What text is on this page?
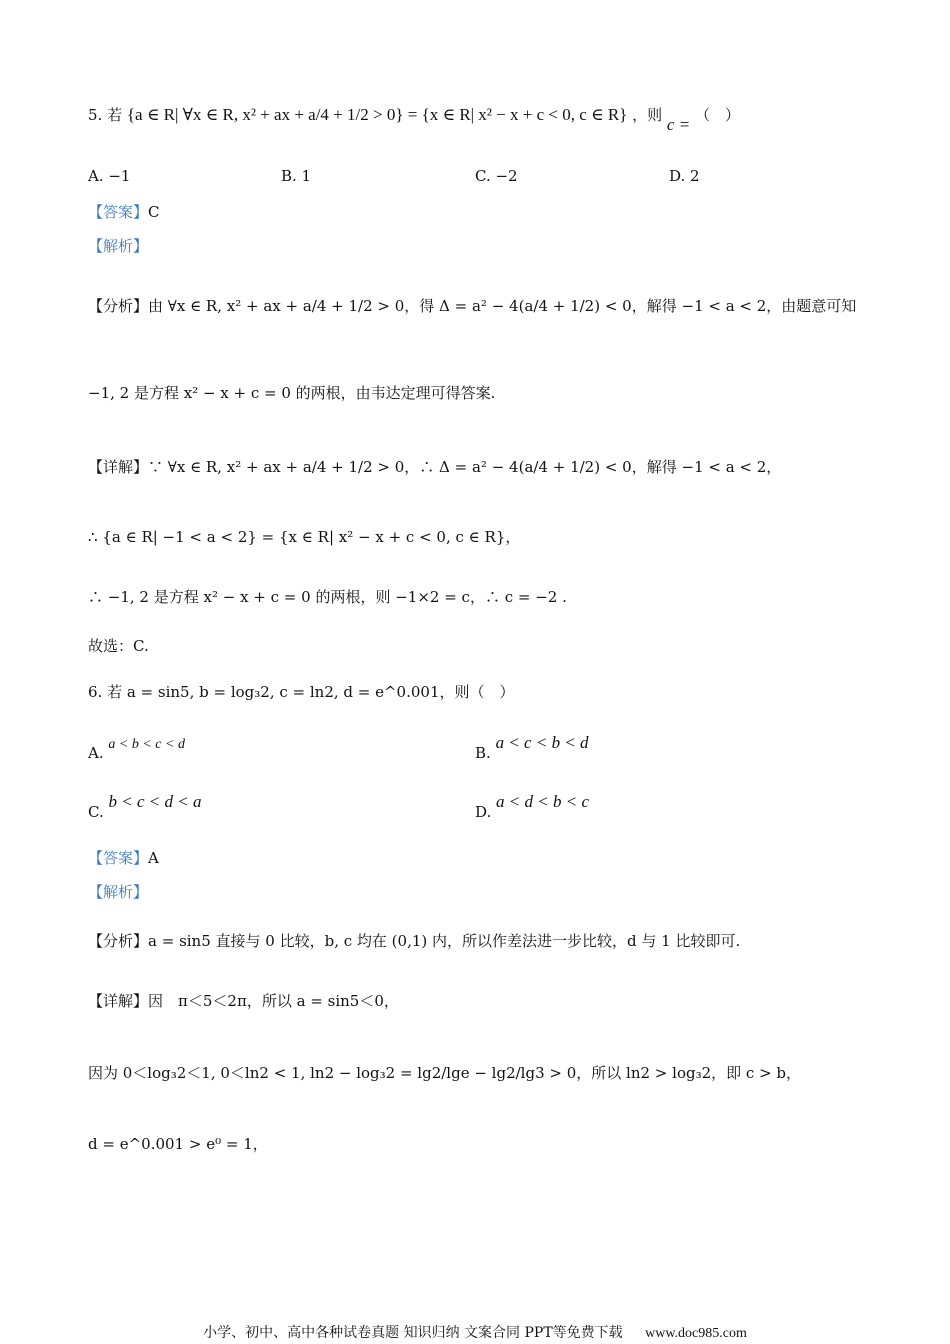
5. 若 {a ∈ R| ∀x ∈ R, x² + ax + a/4 + 1/2 > 0} = {x ∈ R| x² − x + c < 0, c ∈ R} ，则 c = （　）
A. −1	B. 1	C. −2	D. 2
【答案】C
【解析】
【分析】由 ∀x ∈ R, x² + ax + a/4 + 1/2 > 0，得 Δ = a² − 4(a/4 + 1/2) < 0，解得 −1 < a < 2，由题意可知
−1, 2 是方程 x² − x + c = 0 的两根，由韦达定理可得答案.
【详解】∵ ∀x ∈ R, x² + ax + a/4 + 1/2 > 0，∴ Δ = a² − 4(a/4 + 1/2) < 0，解得 −1 < a < 2，
∴ {a ∈ R| −1 < a < 2} = {x ∈ R| x² − x + c < 0, c ∈ R}，
∴ −1, 2 是方程 x² − x + c = 0 的两根，则 −1×2 = c，∴ c = −2 .
故选：C.
6. 若 a = sin5, b = log₃2, c = ln2, d = e^0.001，则（　）
A. a < b < c < d	B. a < c < b < d
C. b < c < d < a
D. a < d < b < c
【答案】A
【解析】
【分析】a = sin5 直接与 0 比较，b, c 均在 (0,1) 内，所以作差法进一步比较，d 与 1 比较即可.
【详解】因　π＜5＜2π，所以 a = sin5＜0，
因为 0＜log₃2＜1, 0＜ln2 < 1, ln2 − log₃2 = lg2/lge − lg2/lg3 > 0，所以 ln2 > log₃2，即 c > b，
d = e^0.001 > e⁰ = 1，
小学、初中、高中各种试卷真题 知识归纳 文案合同 PPT等免费下载 www.doc985.com
